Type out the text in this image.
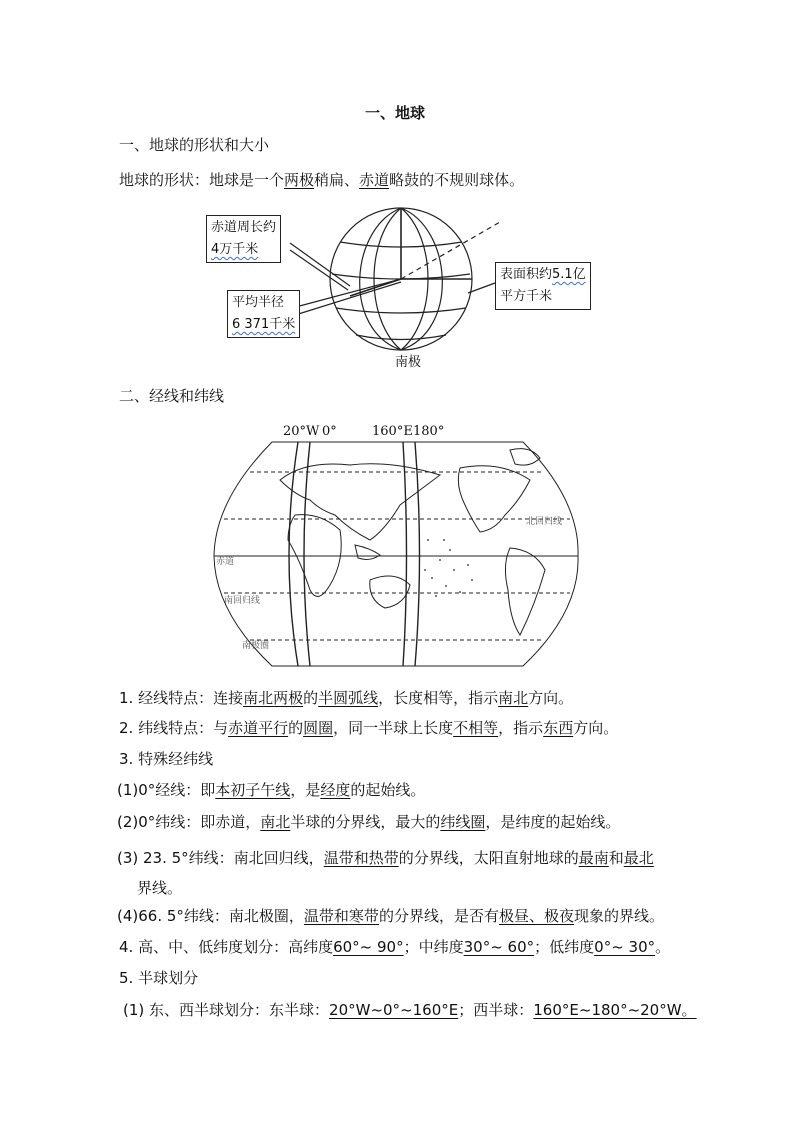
一、地球
一、地球的形状和大小
地球的形状：地球是一个两极稍扁、赤道略鼓的不规则球体。
南极
赤道周长约
4万千米
平均半径
6 371千米
表面积约5.1亿
平方千米
二、经线和纬线
20°W 0°	160°E 180°
赤道
北回归线
南回归线
南极圈
1. 经线特点：连接南北两极的半圆弧线，长度相等，指示南北方向。
2. 纬线特点：与赤道平行的圆圈，同一半球上长度不相等，指示东西方向。
3. 特殊经纬线
(1)0°经线：即本初子午线，是经度的起始线。
(2)0°纬线：即赤道，南北半球的分界线，最大的纬线圈，是纬度的起始线。
(3) 23. 5°纬线：南北回归线，温带和热带的分界线，太阳直射地球的最南和最北
界线。
(4)66. 5°纬线：南北极圈，温带和寒带的分界线，是否有极昼、极夜现象的界线。
4. 高、中、低纬度划分：高纬度60°~ 90°；中纬度30°~ 60°；低纬度0°~ 30°。
5. 半球划分
(1) 东、西半球划分：东半球：20°W~0°~160°E；西半球：160°E~180°~20°W。
